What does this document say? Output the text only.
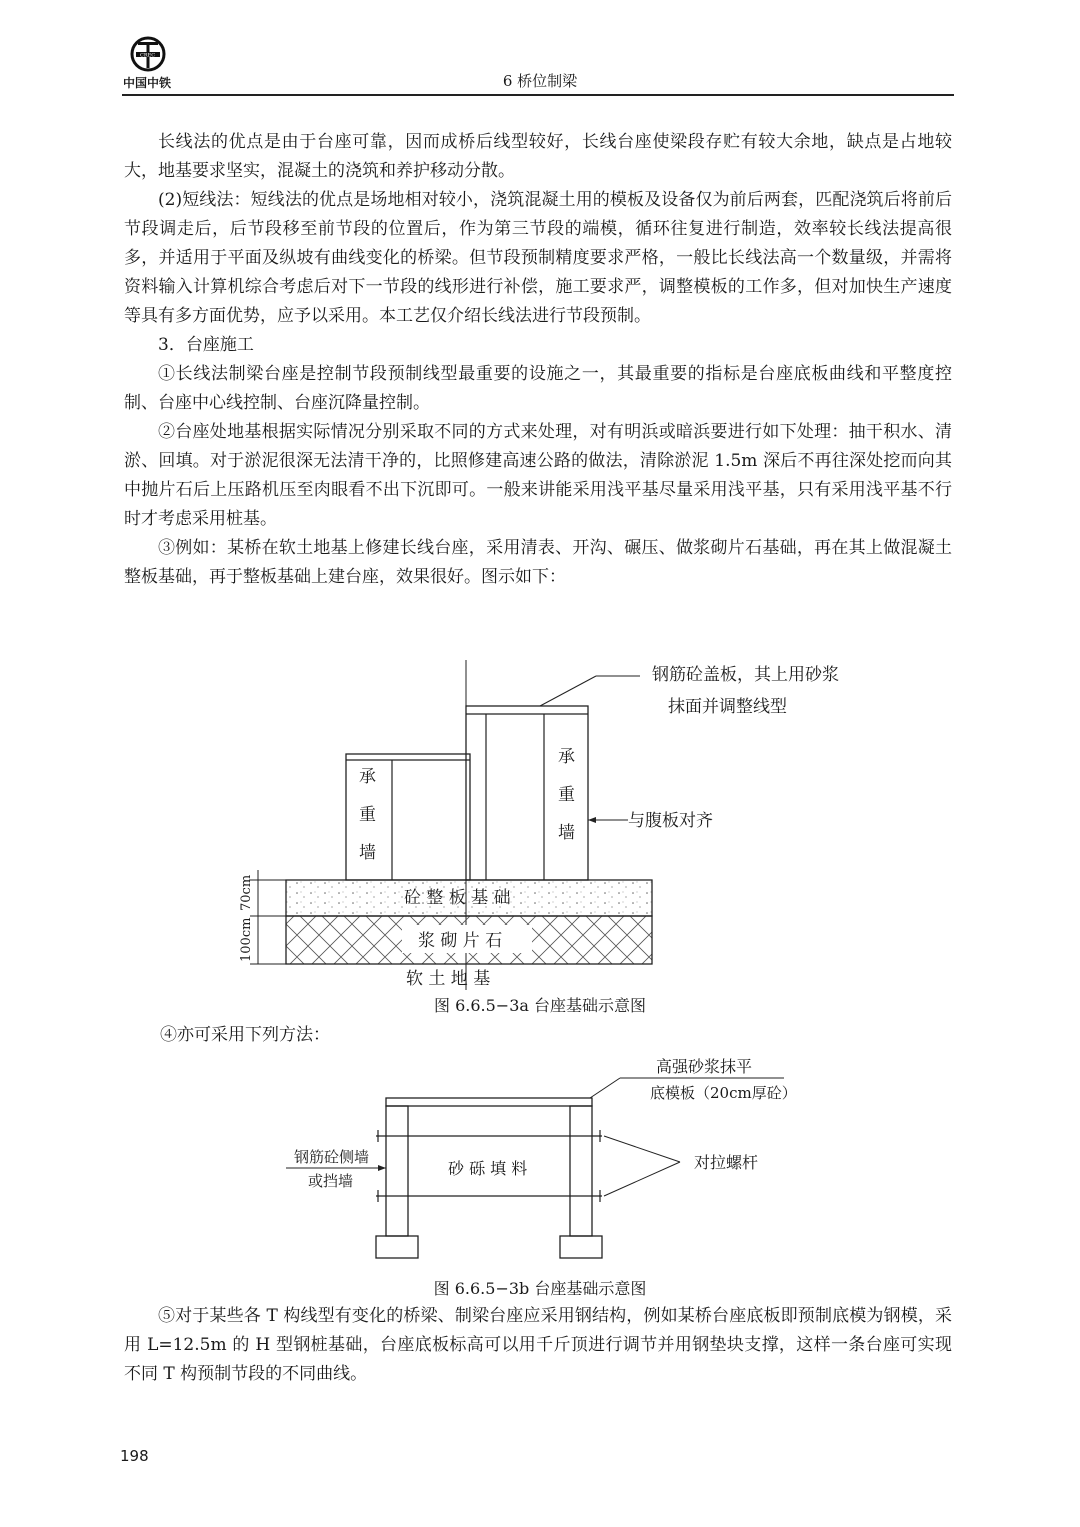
CREC
中国中铁	6 桥位制梁

长线法的优点是由于台座可靠，因而成桥后线型较好，长线台座使梁段存贮有较大余地，缺点是占地较大，地基要求坚实，混凝土的浇筑和养护移动分散。

(2)短线法：短线法的优点是场地相对较小，浇筑混凝土用的模板及设备仅为前后两套，匹配浇筑后将前后节段调走后，后节段移至前节段的位置后，作为第三节段的端模，循环往复进行制造，效率较长线法提高很多，并适用于平面及纵坡有曲线变化的桥梁。但节段预制精度要求严格，一般比长线法高一个数量级，并需将资料输入计算机综合考虑后对下一节段的线形进行补偿，施工要求严，调整模板的工作多，但对加快生产速度等具有多方面优势，应予以采用。本工艺仅介绍长线法进行节段预制。

3．台座施工

①长线法制梁台座是控制节段预制线型最重要的设施之一，其最重要的指标是台座底板曲线和平整度控制、台座中心线控制、台座沉降量控制。

②台座处地基根据实际情况分别采取不同的方式来处理，对有明浜或暗浜要进行如下处理：抽干积水、清淤、回填。对于淤泥很深无法清干净的，比照修建高速公路的做法，清除淤泥 1.5m 深后不再往深处挖而向其中抛片石后上压路机压至肉眼看不出下沉即可。一般来讲能采用浅平基尽量采用浅平基，只有采用浅平基不行时才考虑采用桩基。

③例如：某桥在软土地基上修建长线台座，采用清表、开沟、碾压、做浆砌片石基础，再在其上做混凝土整板基础，再于整板基础上建台座，效果很好。图示如下：

70cm
100cm
钢筋砼盖板，其上用砂浆
抹面并调整线型
与腹板对齐
承
重
墙
承
重
墙
砼 整 板 基 础
浆 砌 片 石
软 土 地 基
图 6.6.5−3a 台座基础示意图
④亦可采用下列方法：
高强砂浆抹平
底模板（20cm厚砼）
钢筋砼侧墙
或挡墙
砂 砾 填 料	对拉螺杆
图 6.6.5−3b 台座基础示意图

⑤对于某些各 T 构线型有变化的桥梁、制梁台座应采用钢结构，例如某桥台座底板即预制底模为钢模，采用 L=12.5m 的 H 型钢桩基础，台座底板标高可以用千斤顶进行调节并用钢垫块支撑，这样一条台座可实现不同 T 构预制节段的不同曲线。

198
